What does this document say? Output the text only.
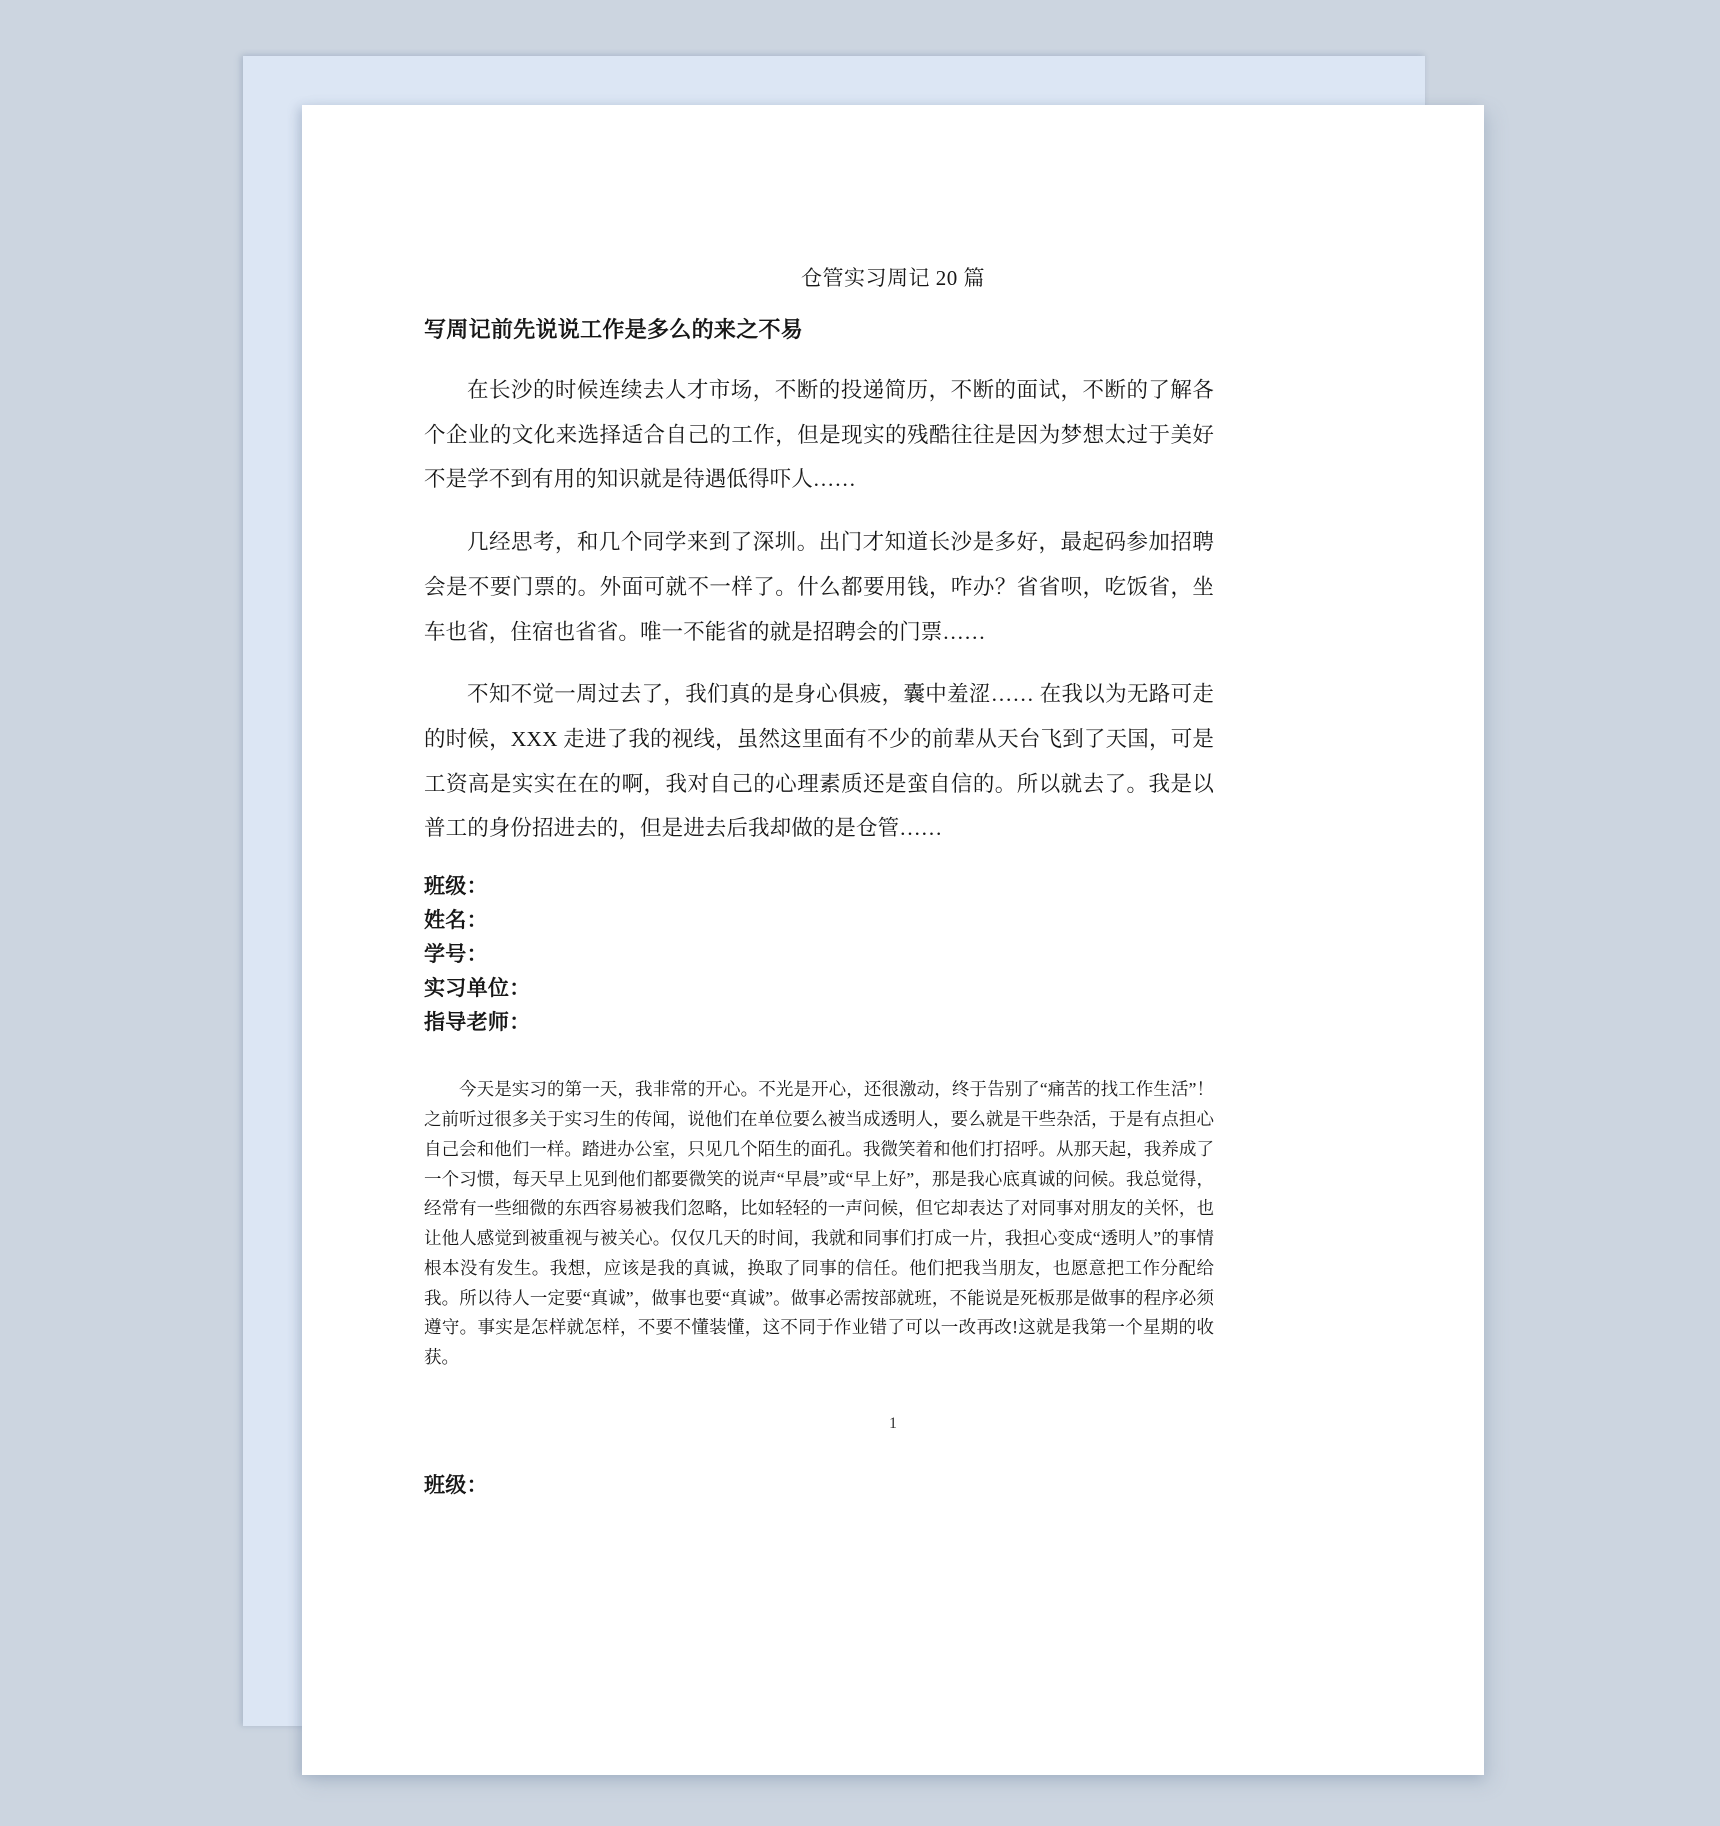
仓管实习周记 20 篇
写周记前先说说工作是多么的来之不易

在长沙的时候连续去人才市场，不断的投递简历，不断的面试，不断的了解各个企业的文化来选择适合自己的工作，但是现实的残酷往往是因为梦想太过于美好不是学不到有用的知识就是待遇低得吓人……

几经思考，和几个同学来到了深圳。出门才知道长沙是多好，最起码参加招聘会是不要门票的。外面可就不一样了。什么都要用钱，咋办？省省呗，吃饭省，坐车也省，住宿也省省。唯一不能省的就是招聘会的门票……

不知不觉一周过去了，我们真的是身心俱疲，囊中羞涩…… 在我以为无路可走的时候，XXX 走进了我的视线，虽然这里面有不少的前辈从天台飞到了天国，可是工资高是实实在在的啊，我对自己的心理素质还是蛮自信的。所以就去了。我是以普工的身份招进去的，但是进去后我却做的是仓管……

班级：
姓名：
学号：
实习单位：
指导老师：

今天是实习的第一天，我非常的开心。不光是开心，还很激动，终于告别了“痛苦的找工作生活”！之前听过很多关于实习生的传闻，说他们在单位要么被当成透明人，要么就是干些杂活，于是有点担心自己会和他们一样。踏进办公室，只见几个陌生的面孔。我微笑着和他们打招呼。从那天起，我养成了一个习惯，每天早上见到他们都要微笑的说声“早晨”或“早上好”，那是我心底真诚的问候。我总觉得，经常有一些细微的东西容易被我们忽略，比如轻轻的一声问候，但它却表达了对同事对朋友的关怀，也让他人感觉到被重视与被关心。仅仅几天的时间，我就和同事们打成一片，我担心变成“透明人”的事情根本没有发生。我想，应该是我的真诚，换取了同事的信任。他们把我当朋友，也愿意把工作分配给我。所以待人一定要“真诚”，做事也要“真诚”。做事必需按部就班，不能说是死板那是做事的程序必须遵守。事实是怎样就怎样，不要不懂装懂，这不同于作业错了可以一改再改!这就是我第一个星期的收获。

班级：
1
